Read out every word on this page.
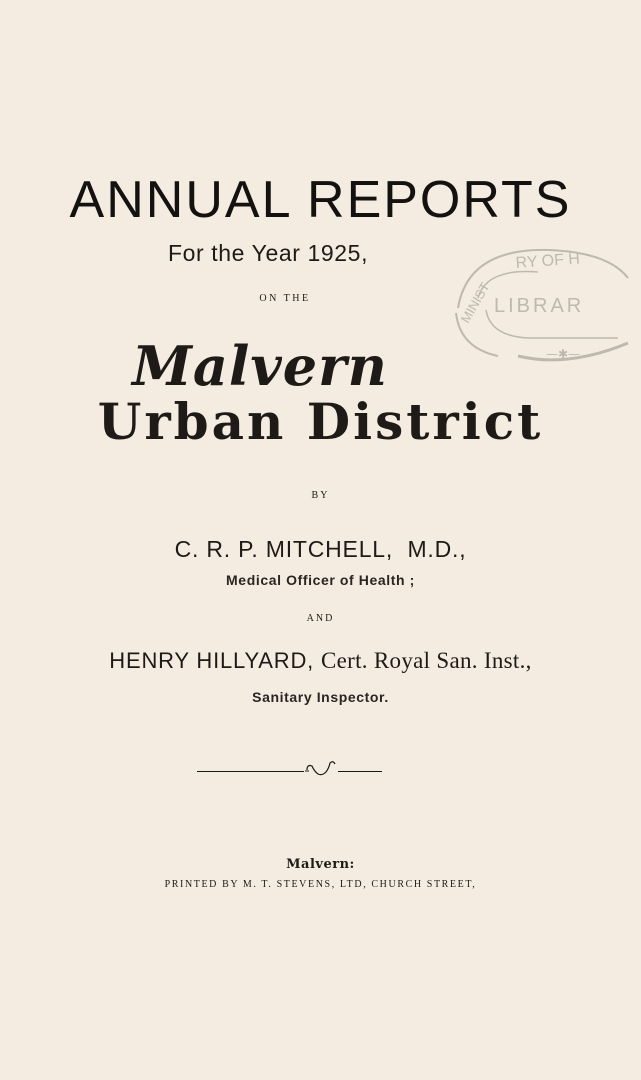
ANNUAL REPORTS
For the Year 1925,
ON THE
RY OF H
MINIST LIBRAR
—✱—
Malvern
Urban District
BY
C. R. P. MITCHELL, M.D.,
Medical Officer of Health ;
AND
HENRY HILLYARD, Cert. Royal San. Inst.,
Sanitary Inspector.
Malvern:
PRINTED BY M. T. STEVENS, LTD, CHURCH STREET,
